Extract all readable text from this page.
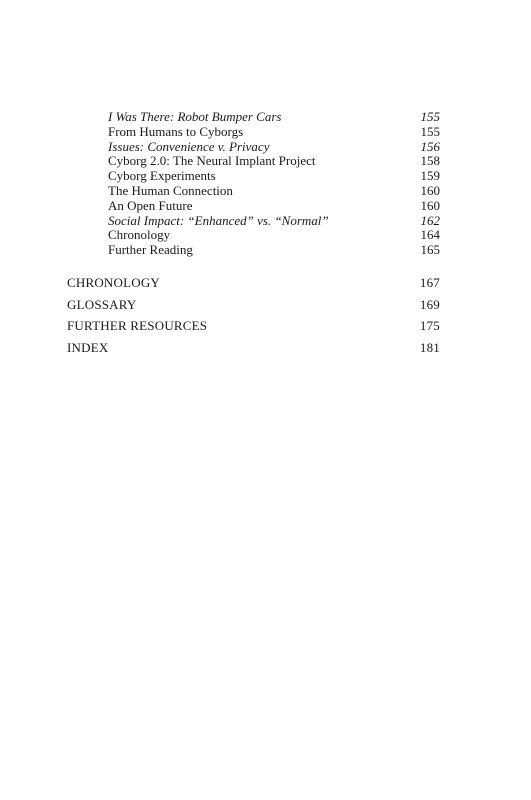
I Was There: Robot Bumper Cars	155
From Humans to Cyborgs	155
Issues: Convenience v. Privacy	156
Cyborg 2.0: The Neural Implant Project	158
Cyborg Experiments	159
The Human Connection	160
An Open Future	160
Social Impact: “Enhanced” vs. “Normal”	162
Chronology	164
Further Reading	165
CHRONOLOGY	167
GLOSSARY	169
FURTHER RESOURCES	175
INDEX	181
